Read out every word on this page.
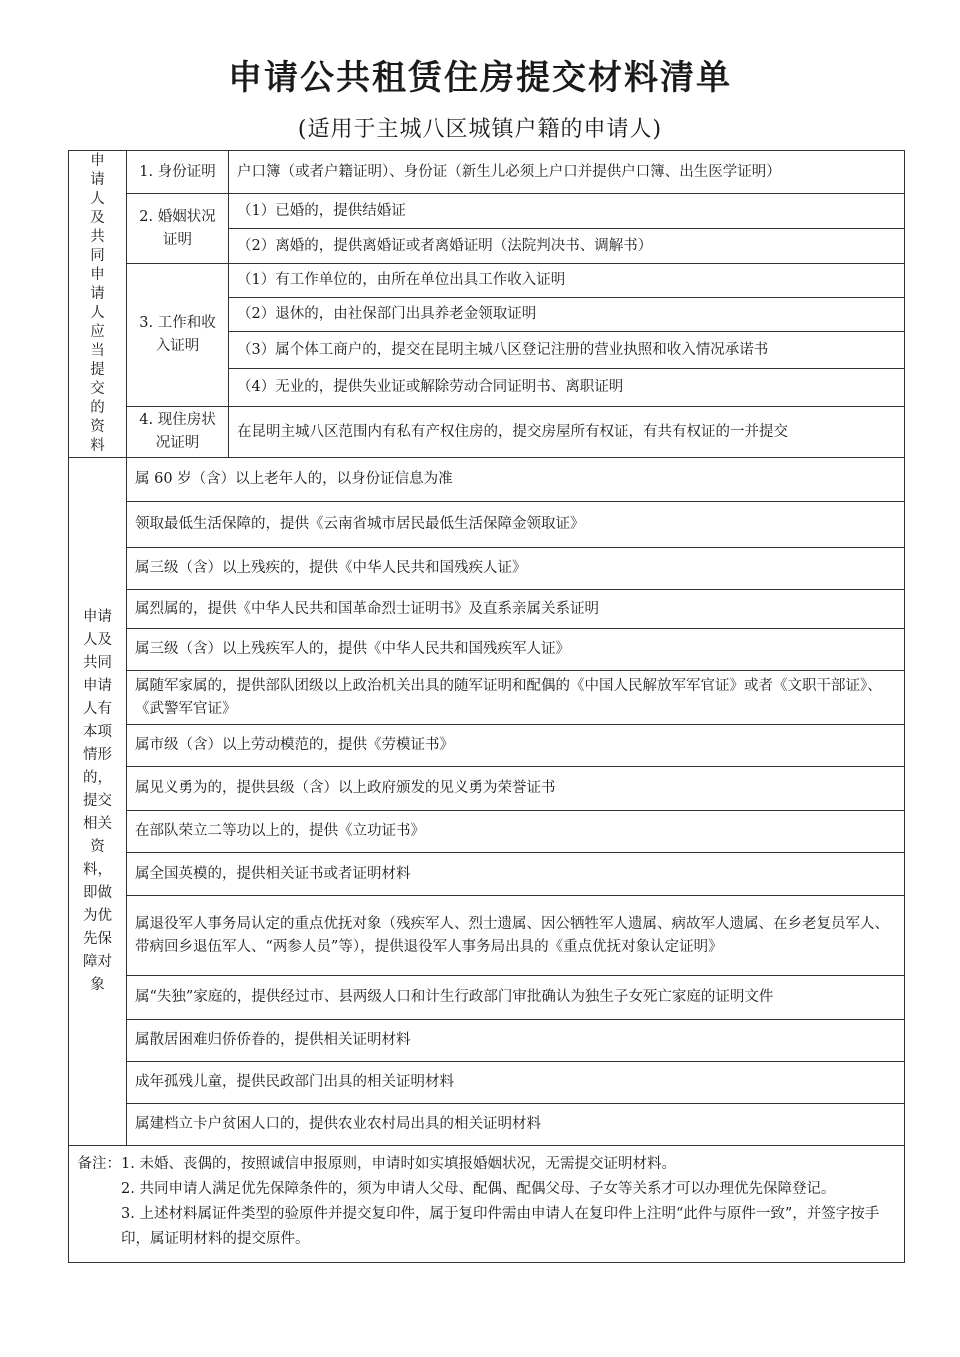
申请公共租赁住房提交材料清单
(适用于主城八区城镇户籍的申请人)
申请人及共同申请人应当提交的资料	1. 身份证明	户口簿（或者户籍证明）、身份证（新生儿必须上户口并提供户口簿、出生医学证明）
	2. 婚姻状况证明	（1）已婚的，提供结婚证
		（2）离婚的，提供离婚证或者离婚证明（法院判决书、调解书）
	3. 工作和收入证明	（1）有工作单位的，由所在单位出具工作收入证明
		（2）退休的，由社保部门出具养老金领取证明
		（3）属个体工商户的，提交在昆明主城八区登记注册的营业执照和收入情况承诺书
		（4）无业的，提供失业证或解除劳动合同证明书、离职证明
	4. 现住房状况证明	在昆明主城八区范围内有私有产权住房的，提交房屋所有权证，有共有权证的一并提交

申请人及共同申请人有本项情形的，提交相关资料，即做为优先保障对象	属 60 岁（含）以上老年人的，以身份证信息为准	
	领取最低生活保障的，提供《云南省城市居民最低生活保障金领取证》	
	属三级（含）以上残疾的，提供《中华人民共和国残疾人证》	
	属烈属的，提供《中华人民共和国革命烈士证明书》及直系亲属关系证明	
	属三级（含）以上残疾军人的，提供《中华人民共和国残疾军人证》	
	属随军家属的，提供部队团级以上政治机关出具的随军证明和配偶的《中国人民解放军军官证》或者《文职干部证》、《武警军官证》	
	属市级（含）以上劳动模范的，提供《劳模证书》	
	属见义勇为的，提供县级（含）以上政府颁发的见义勇为荣誉证书	
	在部队荣立二等功以上的，提供《立功证书》	
	属全国英模的，提供相关证书或者证明材料	
	属退役军人事务局认定的重点优抚对象（残疾军人、烈士遗属、因公牺牲军人遗属、病故军人遗属、在乡老复员军人、带病回乡退伍军人、“两参人员”等），提供退役军人事务局出具的《重点优抚对象认定证明》	
	属“失独”家庭的，提供经过市、县两级人口和计生行政部门审批确认为独生子女死亡家庭的证明文件	
	属散居困难归侨侨眷的，提供相关证明材料	
	成年孤残儿童，提供民政部门出具的相关证明材料	
	属建档立卡户贫困人口的，提供农业农村局出具的相关证明材料	

备注： 1. 未婚、丧偶的，按照诚信申报原则，申请时如实填报婚姻状况，无需提交证明材料。
2. 共同申请人满足优先保障条件的，须为申请人父母、配偶、配偶父母、子女等关系才可以办理优先保障登记。
3. 上述材料属证件类型的验原件并提交复印件，属于复印件需由申请人在复印件上注明“此件与原件一致”，并签字按手印，属证明材料的提交原件。		
